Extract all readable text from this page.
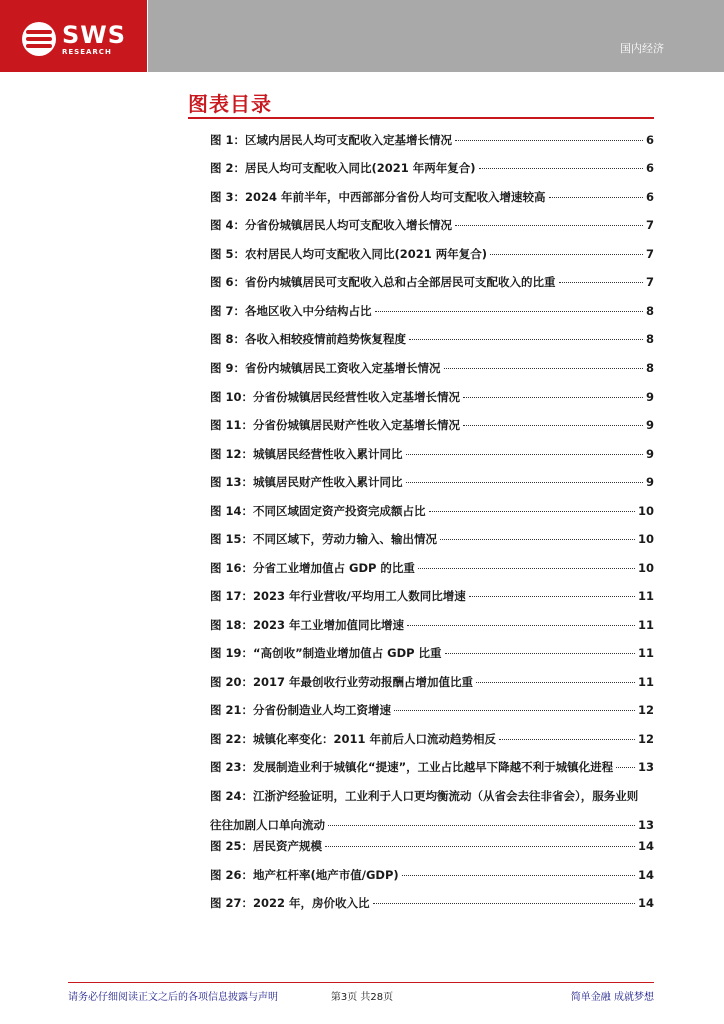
SWS
RESEARCH	国内经济
图表目录
图 1：区域内居民人均可支配收入定基增长情况	6
图 2：居民人均可支配收入同比(2021 年两年复合)	6
图 3：2024 年前半年，中西部部分省份人均可支配收入增速较高	6
图 4：分省份城镇居民人均可支配收入增长情况	7
图 5：农村居民人均可支配收入同比(2021 两年复合)	7
图 6：省份内城镇居民可支配收入总和占全部居民可支配收入的比重	7
图 7：各地区收入中分结构占比	8
图 8：各收入相较疫情前趋势恢复程度	8
图 9：省份内城镇居民工资收入定基增长情况	8
图 10：分省份城镇居民经营性收入定基增长情况	9
图 11：分省份城镇居民财产性收入定基增长情况	9
图 12：城镇居民经营性收入累计同比	9
图 13：城镇居民财产性收入累计同比	9
图 14：不同区域固定资产投资完成额占比	10
图 15：不同区域下，劳动力输入、输出情况	10
图 16：分省工业增加值占 GDP 的比重	10
图 17：2023 年行业营收/平均用工人数同比增速	11
图 18：2023 年工业增加值同比增速	11
图 19：“高创收”制造业增加值占 GDP 比重	11
图 20：2017 年最创收行业劳动报酬占增加值比重	11
图 21：分省份制造业人均工资增速	12
图 22：城镇化率变化：2011 年前后人口流动趋势相反	12
图 23：发展制造业利于城镇化“提速”，工业占比越早下降越不利于城镇化进程 13
图 24：江浙沪经验证明，工业利于人口更均衡流动（从省会去往非省会），服务业则
往往加剧人口单向流动	13
图 25：居民资产规模	14
图 26：地产杠杆率(地产市值/GDP)	14
图 27：2022 年，房价收入比	14
请务必仔细阅读正文之后的各项信息披露与声明	第3页 共28页	简单金融 成就梦想
